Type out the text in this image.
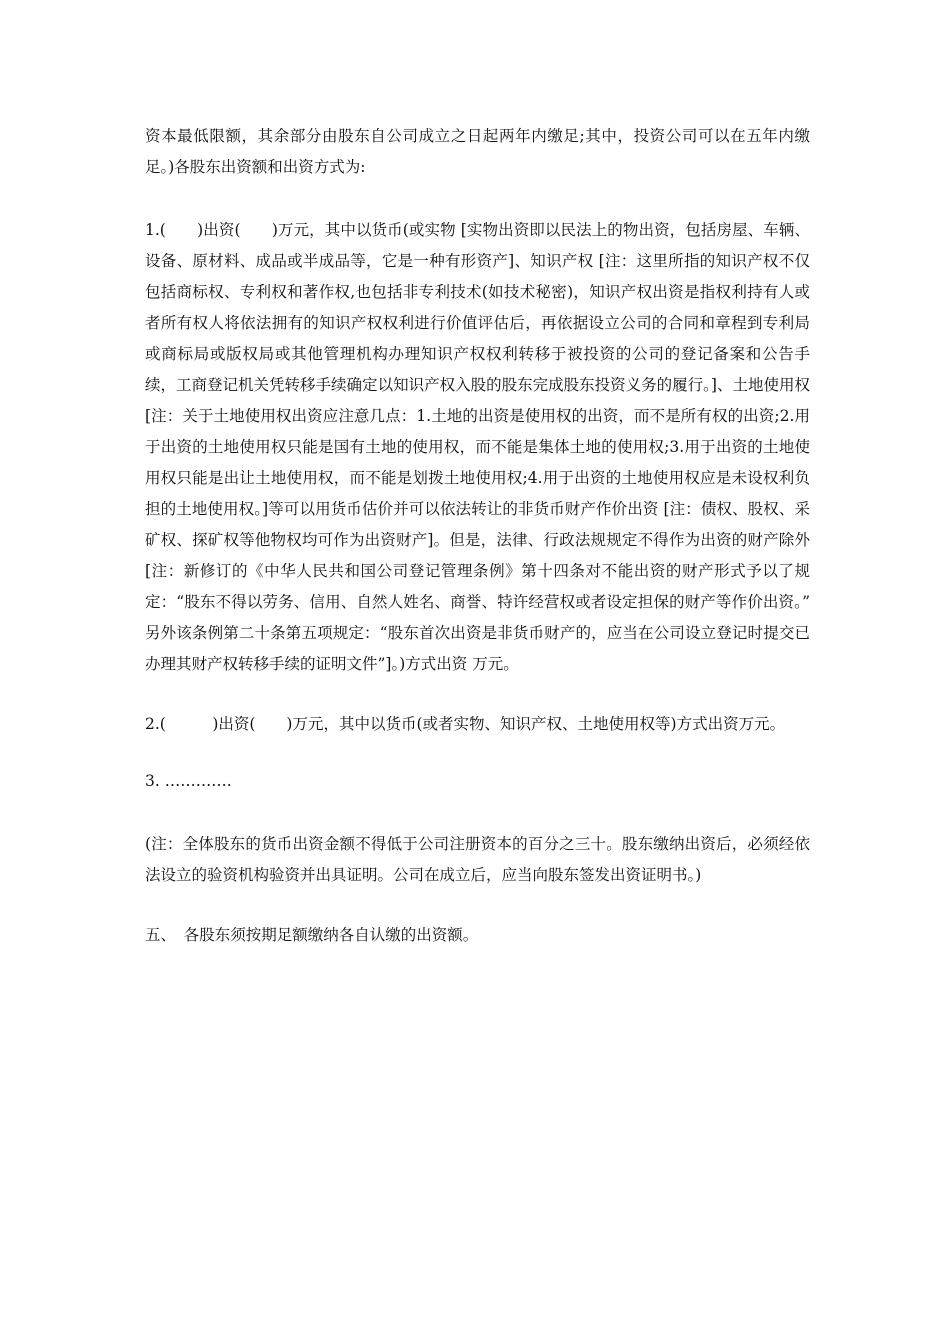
资本最低限额，其余部分由股东自公司成立之日起两年内缴足;其中，投资公司可以在五年内缴足。)各股东出资额和出资方式为:

1.(　　)出资(　　)万元，其中以货币(或实物 [实物出资即以民法上的物出资，包括房屋、车辆、设备、原材料、成品或半成品等，它是一种有形资产]、知识产权 [注：这里所指的知识产权不仅包括商标权、专利权和著作权,也包括非专利技术(如技术秘密)，知识产权出资是指权利持有人或者所有权人将依法拥有的知识产权权利进行价值评估后，再依据设立公司的合同和章程到专利局或商标局或版权局或其他管理机构办理知识产权权利转移于被投资的公司的登记备案和公告手续，工商登记机关凭转移手续确定以知识产权入股的股东完成股东投资义务的履行。]、土地使用权 [注：关于土地使用权出资应注意几点：1.土地的出资是使用权的出资，而不是所有权的出资;2.用于出资的土地使用权只能是国有土地的使用权，而不能是集体土地的使用权;3.用于出资的土地使用权只能是出让土地使用权，而不能是划拨土地使用权;4.用于出资的土地使用权应是未设权利负担的土地使用权。]等可以用货币估价并可以依法转让的非货币财产作价出资 [注：债权、股权、采矿权、探矿权等他物权均可作为出资财产]。但是，法律、行政法规规定不得作为出资的财产除外[注：新修订的《中华人民共和国公司登记管理条例》第十四条对不能出资的财产形式予以了规定：“股东不得以劳务、信用、自然人姓名、商誉、特许经营权或者设定担保的财产等作价出资。” 另外该条例第二十条第五项规定：“股东首次出资是非货币财产的，应当在公司设立登记时提交已办理其财产权转移手续的证明文件”]。)方式出资 万元。

2.(　　　)出资(　　)万元，其中以货币(或者实物、知识产权、土地使用权等)方式出资万元。

3. ………….

(注：全体股东的货币出资金额不得低于公司注册资本的百分之三十。股东缴纳出资后，必须经依法设立的验资机构验资并出具证明。公司在成立后，应当向股东签发出资证明书。)

五、　各股东须按期足额缴纳各自认缴的出资额。
